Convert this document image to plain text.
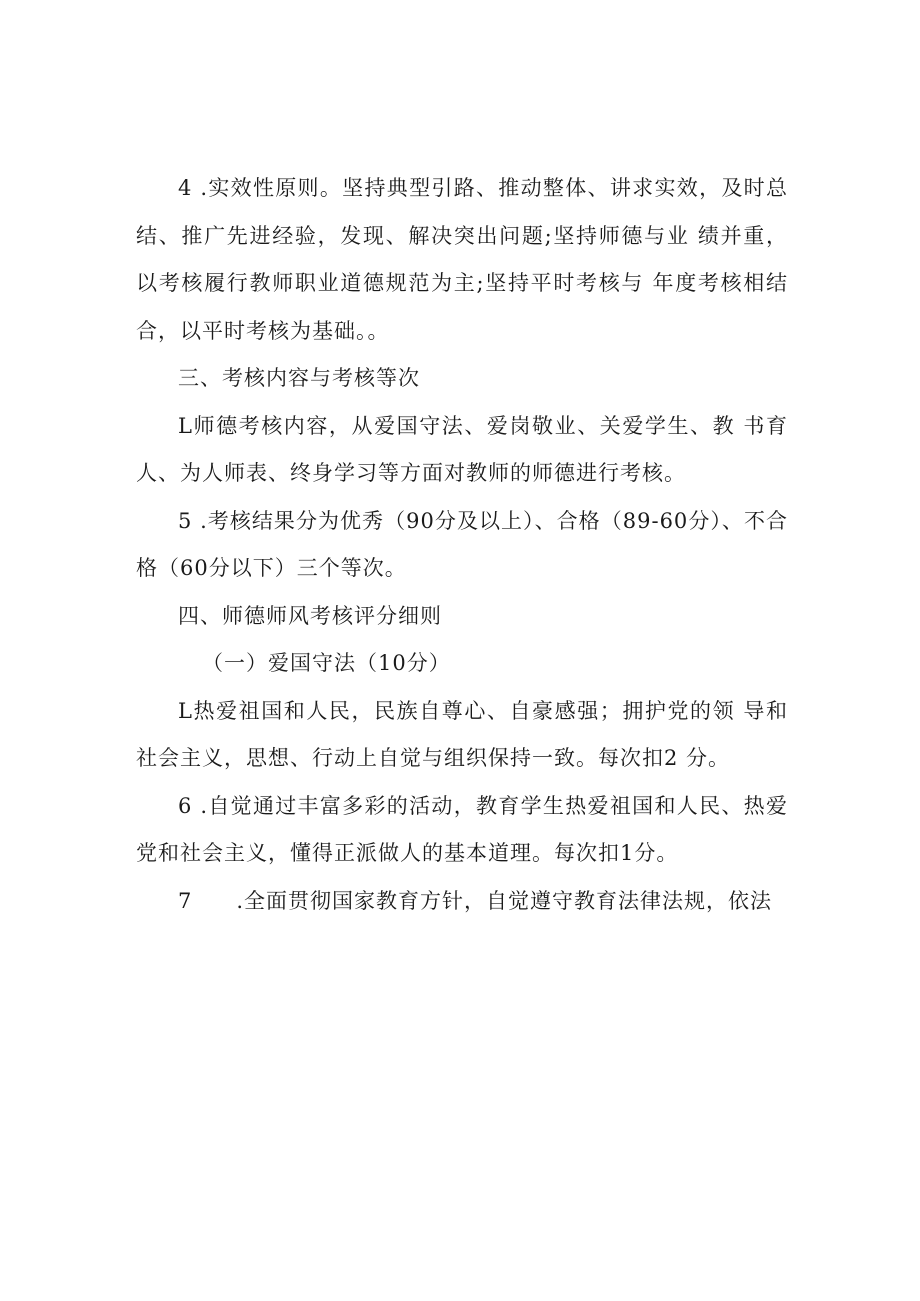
4 .实效性原则。坚持典型引路、推动整体、讲求实效，及时总结、推广先进经验，发现、解决突出问题;坚持师德与业 绩并重，以考核履行教师职业道德规范为主;坚持平时考核与 年度考核相结合，以平时考核为基础。。

三、考核内容与考核等次

L师德考核内容，从爱国守法、爱岗敬业、关爱学生、教 书育人、为人师表、终身学习等方面对教师的师德进行考核。

5 .考核结果分为优秀（90分及以上）、合格（89-60分）、不合格（60分以下）三个等次。

四、师德师风考核评分细则

（一）爱国守法（10分）

L热爱祖国和人民，民族自尊心、自豪感强；拥护党的领 导和社会主义，思想、行动上自觉与组织保持一致。每次扣2 分。

6 .自觉通过丰富多彩的活动，教育学生热爱祖国和人民、热爱党和社会主义，懂得正派做人的基本道理。每次扣1分。

7　　.全面贯彻国家教育方针，自觉遵守教育法律法规，依法
